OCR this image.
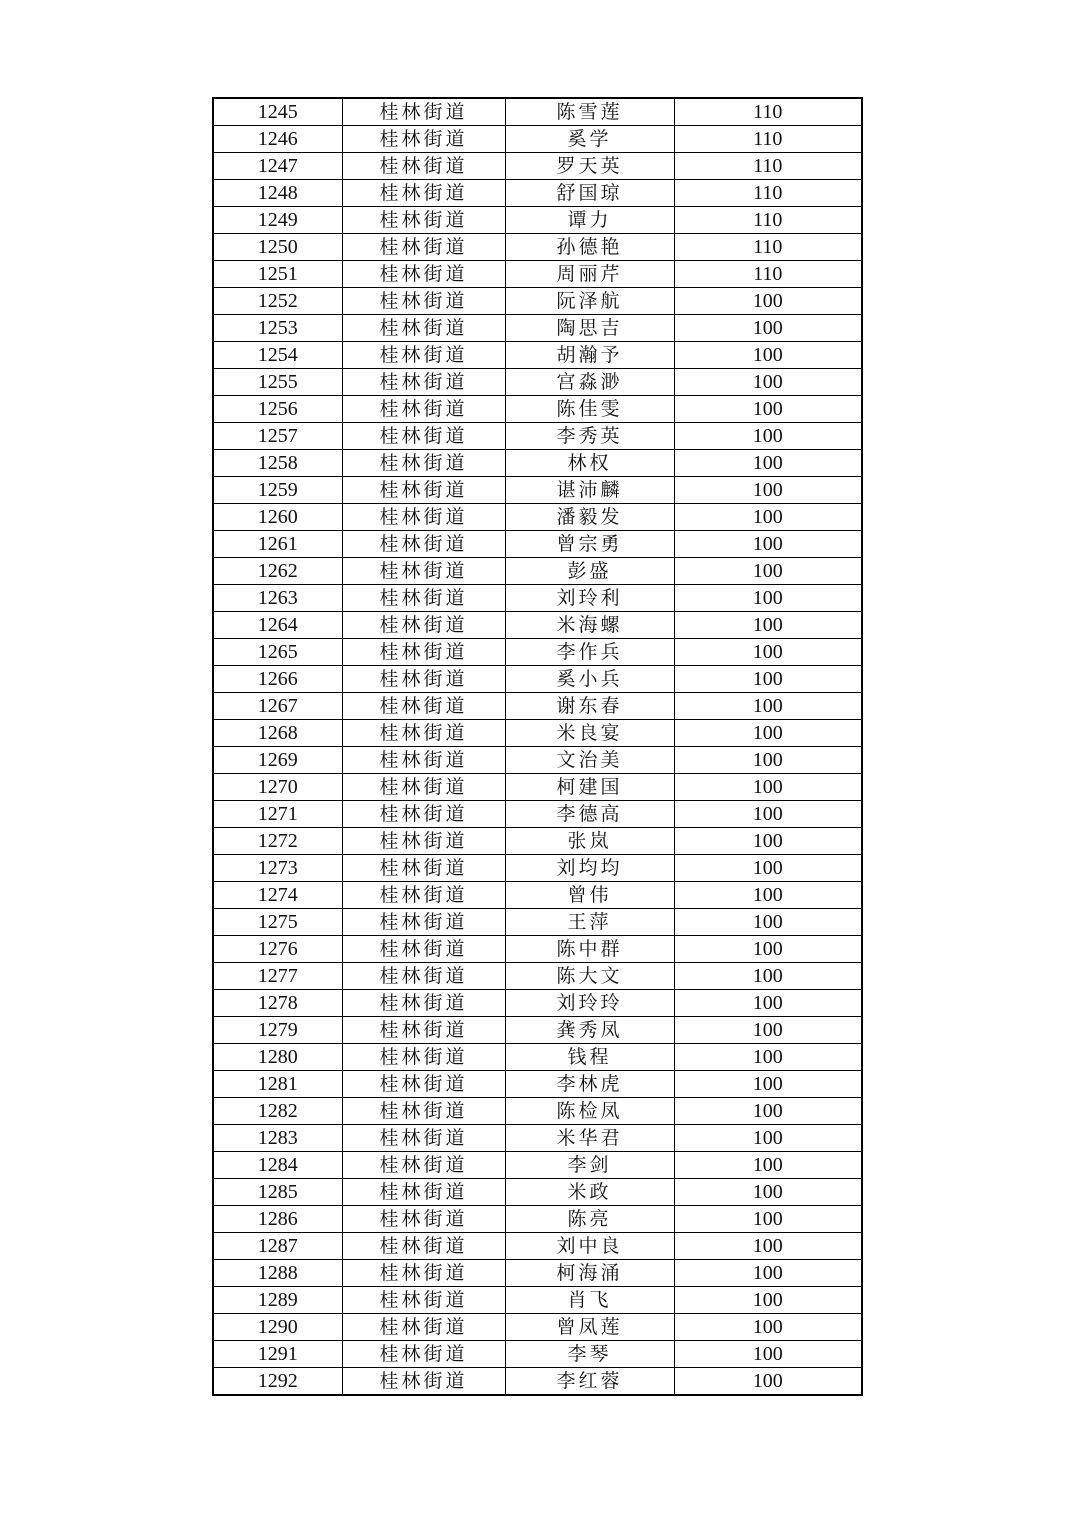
1245	桂林街道	陈雪莲	110
1246	桂林街道	奚学	110
1247	桂林街道	罗天英	110
1248	桂林街道	舒国琼	110
1249	桂林街道	谭力	110
1250	桂林街道	孙德艳	110
1251	桂林街道	周丽芹	110
1252	桂林街道	阮泽航	100
1253	桂林街道	陶思吉	100
1254	桂林街道	胡瀚予	100
1255	桂林街道	宫淼渺	100
1256	桂林街道	陈佳雯	100
1257	桂林街道	李秀英	100
1258	桂林街道	林权	100
1259	桂林街道	谌沛麟	100
1260	桂林街道	潘毅发	100
1261	桂林街道	曾宗勇	100
1262	桂林街道	彭盛	100
1263	桂林街道	刘玲利	100
1264	桂林街道	米海螺	100
1265	桂林街道	李作兵	100
1266	桂林街道	奚小兵	100
1267	桂林街道	谢东春	100
1268	桂林街道	米良宴	100
1269	桂林街道	文治美	100
1270	桂林街道	柯建国	100
1271	桂林街道	李德高	100
1272	桂林街道	张岚	100
1273	桂林街道	刘均均	100
1274	桂林街道	曾伟	100
1275	桂林街道	王萍	100
1276	桂林街道	陈中群	100
1277	桂林街道	陈大文	100
1278	桂林街道	刘玲玲	100
1279	桂林街道	龚秀凤	100
1280	桂林街道	钱程	100
1281	桂林街道	李林虎	100
1282	桂林街道	陈检凤	100
1283	桂林街道	米华君	100
1284	桂林街道	李剑	100
1285	桂林街道	米政	100
1286	桂林街道	陈亮	100
1287	桂林街道	刘中良	100
1288	桂林街道	柯海涌	100
1289	桂林街道	肖飞	100
1290	桂林街道	曾凤莲	100
1291	桂林街道	李琴	100
1292	桂林街道	李红蓉	100
